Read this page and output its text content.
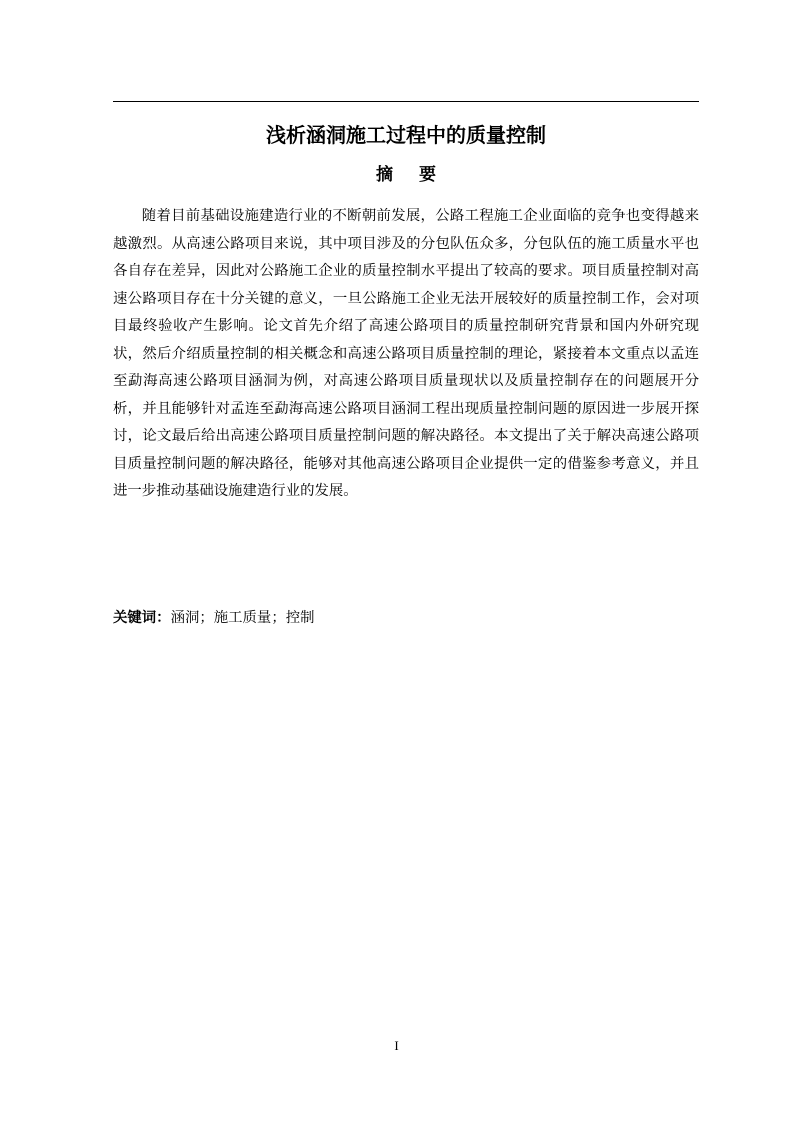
浅析涵洞施工过程中的质量控制
摘要

随着目前基础设施建造行业的不断朝前发展，公路工程施工企业面临的竞争也变得越来越激烈。从高速公路项目来说，其中项目涉及的分包队伍众多，分包队伍的施工质量水平也各自存在差异，因此对公路施工企业的质量控制水平提出了较高的要求。项目质量控制对高速公路项目存在十分关键的意义，一旦公路施工企业无法开展较好的质量控制工作，会对项目最终验收产生影响。论文首先介绍了高速公路项目的质量控制研究背景和国内外研究现状，然后介绍质量控制的相关概念和高速公路项目质量控制的理论，紧接着本文重点以孟连至勐海高速公路项目涵洞为例，对高速公路项目质量现状以及质量控制存在的问题展开分析，并且能够针对孟连至勐海高速公路项目涵洞工程出现质量控制问题的原因进一步展开探讨，论文最后给出高速公路项目质量控制问题的解决路径。本文提出了关于解决高速公路项目质量控制问题的解决路径，能够对其他高速公路项目企业提供一定的借鉴参考意义，并且进一步推动基础设施建造行业的发展。

关键词：涵洞；施工质量；控制

I
